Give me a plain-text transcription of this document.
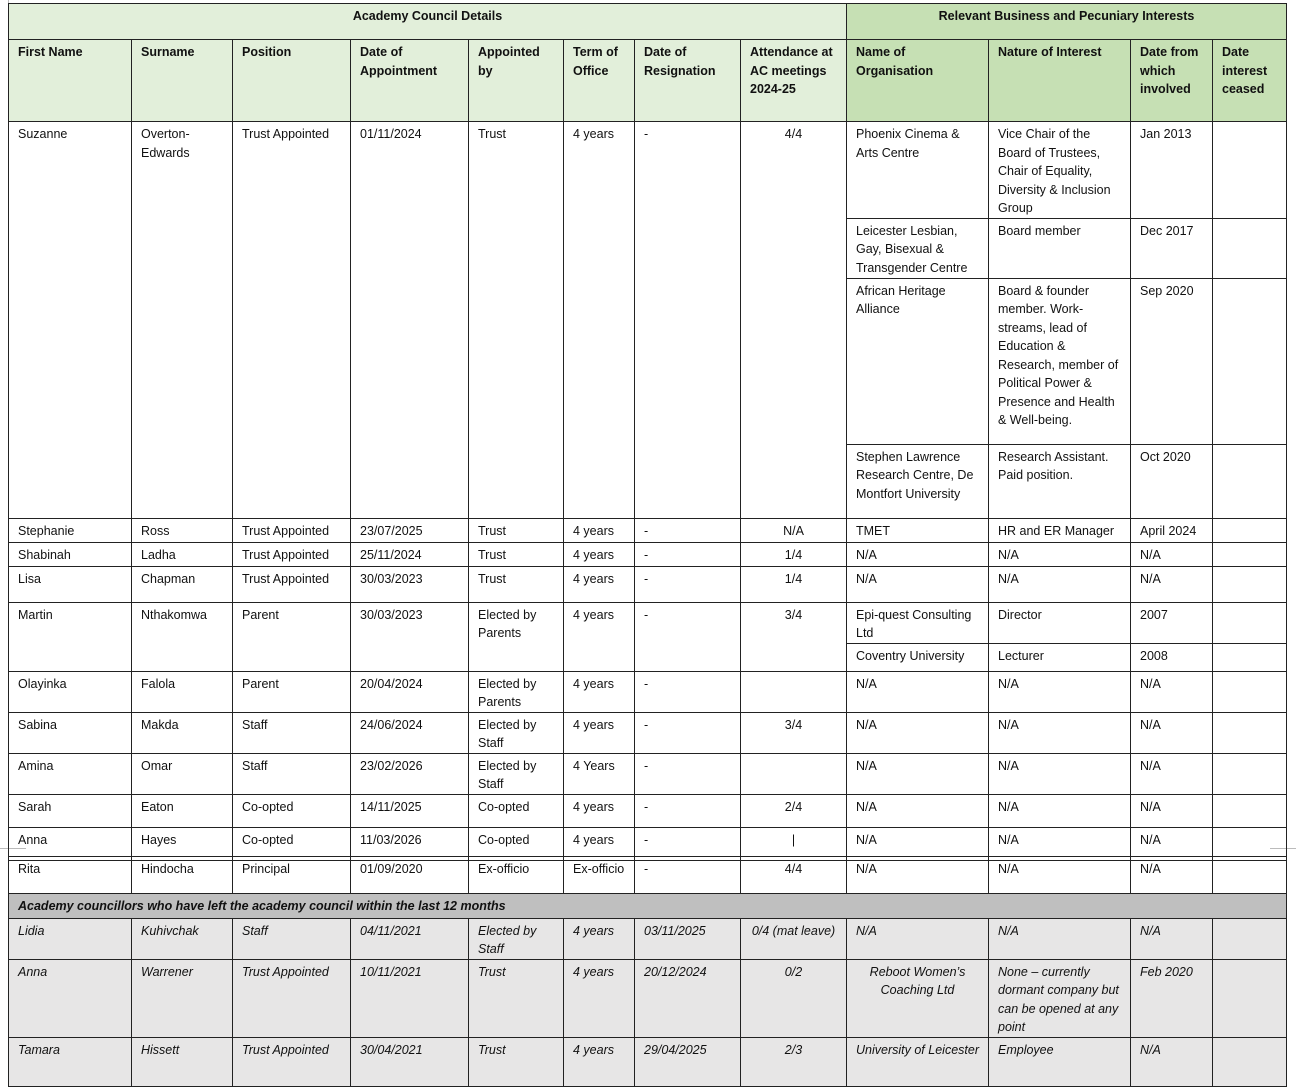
Academy Council Details								Relevant Business and Pecuniary Interests			
First Name	Surname	Position	Date of Appointment	Appointed by	Term of Office	Date of Resignation	Attendance at AC meetings 2024-25	Name of Organisation	Nature of Interest	Date from which involved	Date interest ceased
Suzanne	Overton-Edwards	Trust Appointed	01/11/2024	Trust	4 years	-	4/4	Phoenix Cinema & Arts Centre	Vice Chair of the Board of Trustees, Chair of Equality, Diversity & Inclusion Group	Jan 2013	
								Leicester Lesbian, Gay, Bisexual & Transgender Centre	Board member	Dec 2017	
								African Heritage Alliance	Board & founder member. Work-streams, lead of Education & Research, member of Political Power & Presence and Health & Well-being.	Sep 2020	
								Stephen Lawrence Research Centre, De Montfort University	Research Assistant. Paid position.	Oct 2020	
Stephanie	Ross	Trust Appointed	23/07/2025	Trust	4 years	-	N/A	TMET	HR and ER Manager	April 2024	
Shabinah	Ladha	Trust Appointed	25/11/2024	Trust	4 years	-	1/4	N/A	N/A	N/A	
Lisa	Chapman	Trust Appointed	30/03/2023	Trust	4 years	-	1/4	N/A	N/A	N/A	
Martin	Nthakomwa	Parent	30/03/2023	Elected by Parents	4 years	-	3/4	Epi-quest Consulting Ltd	Director	2007	
								Coventry University	Lecturer	2008	
Olayinka	Falola	Parent	20/04/2024	Elected by Parents	4 years	-		N/A	N/A	N/A	
Sabina	Makda	Staff	24/06/2024	Elected by Staff	4 years	-	3/4	N/A	N/A	N/A	
Amina	Omar	Staff	23/02/2026	Elected by Staff	4 Years	-		N/A	N/A	N/A	
Sarah	Eaton	Co-opted	14/11/2025	Co-opted	4 years	-	2/4	N/A	N/A	N/A	
Anna	Hayes	Co-opted	11/03/2026	Co-opted	4 years	-	|	N/A	N/A	N/A	
Rita	Hindocha	Principal	01/09/2020	Ex-officio	Ex-officio	-	4/4	N/A	N/A	N/A	
Academy councillors who have left the academy council within the last 12 months											
Lidia	Kuhivchak	Staff	04/11/2021	Elected by Staff	4 years	03/11/2025	0/4 (mat leave)	N/A	N/A	N/A	
Anna	Warrener	Trust Appointed	10/11/2021	Trust	4 years	20/12/2024	0/2	Reboot Women’s Coaching Ltd	None – currently dormant company but can be opened at any point	Feb 2020	
Tamara	Hissett	Trust Appointed	30/04/2021	Trust	4 years	29/04/2025	2/3	University of Leicester	Employee	N/A	
